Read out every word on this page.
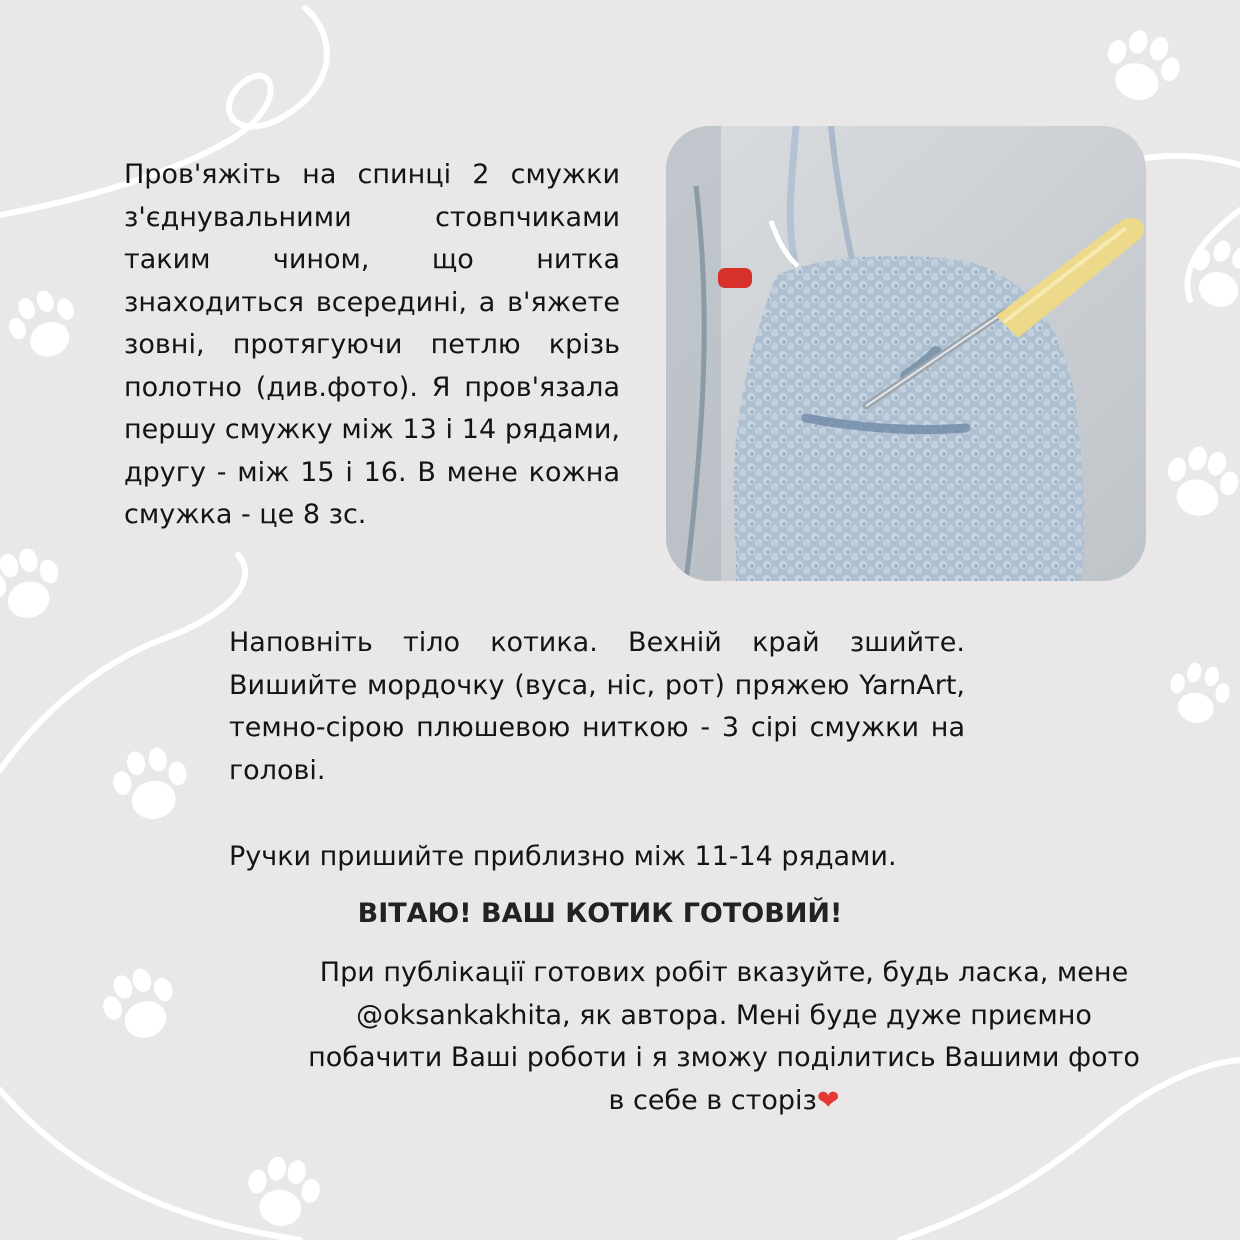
Пров'яжіть на спинці 2 смужки з'єднувальними стовпчиками таким чином, що нитка знаходиться всередині, а в'яжете зовні, протягуючи петлю крізь полотно (див.фото). Я пров'язала першу смужку між 13 і 14 рядами, другу - між 15 і 16. В мене кожна смужка - це 8 зс.
Наповніть тіло котика. Вехній край зшийте. Вишийте мордочку (вуса, ніс, рот) пряжею YarnArt, темно-сірою плюшевою ниткою - 3 сірі смужки на голові.
Ручки пришийте приблизно між 11-14 рядами.
ВІТАЮ! ВАШ КОТИК ГОТОВИЙ!
При публікації готових робіт вказуйте, будь ласка, мене @oksankakhita, як автора. Мені буде дуже приємно побачити Ваші роботи і я зможу поділитись Вашими фото в себе в сторіз❤
